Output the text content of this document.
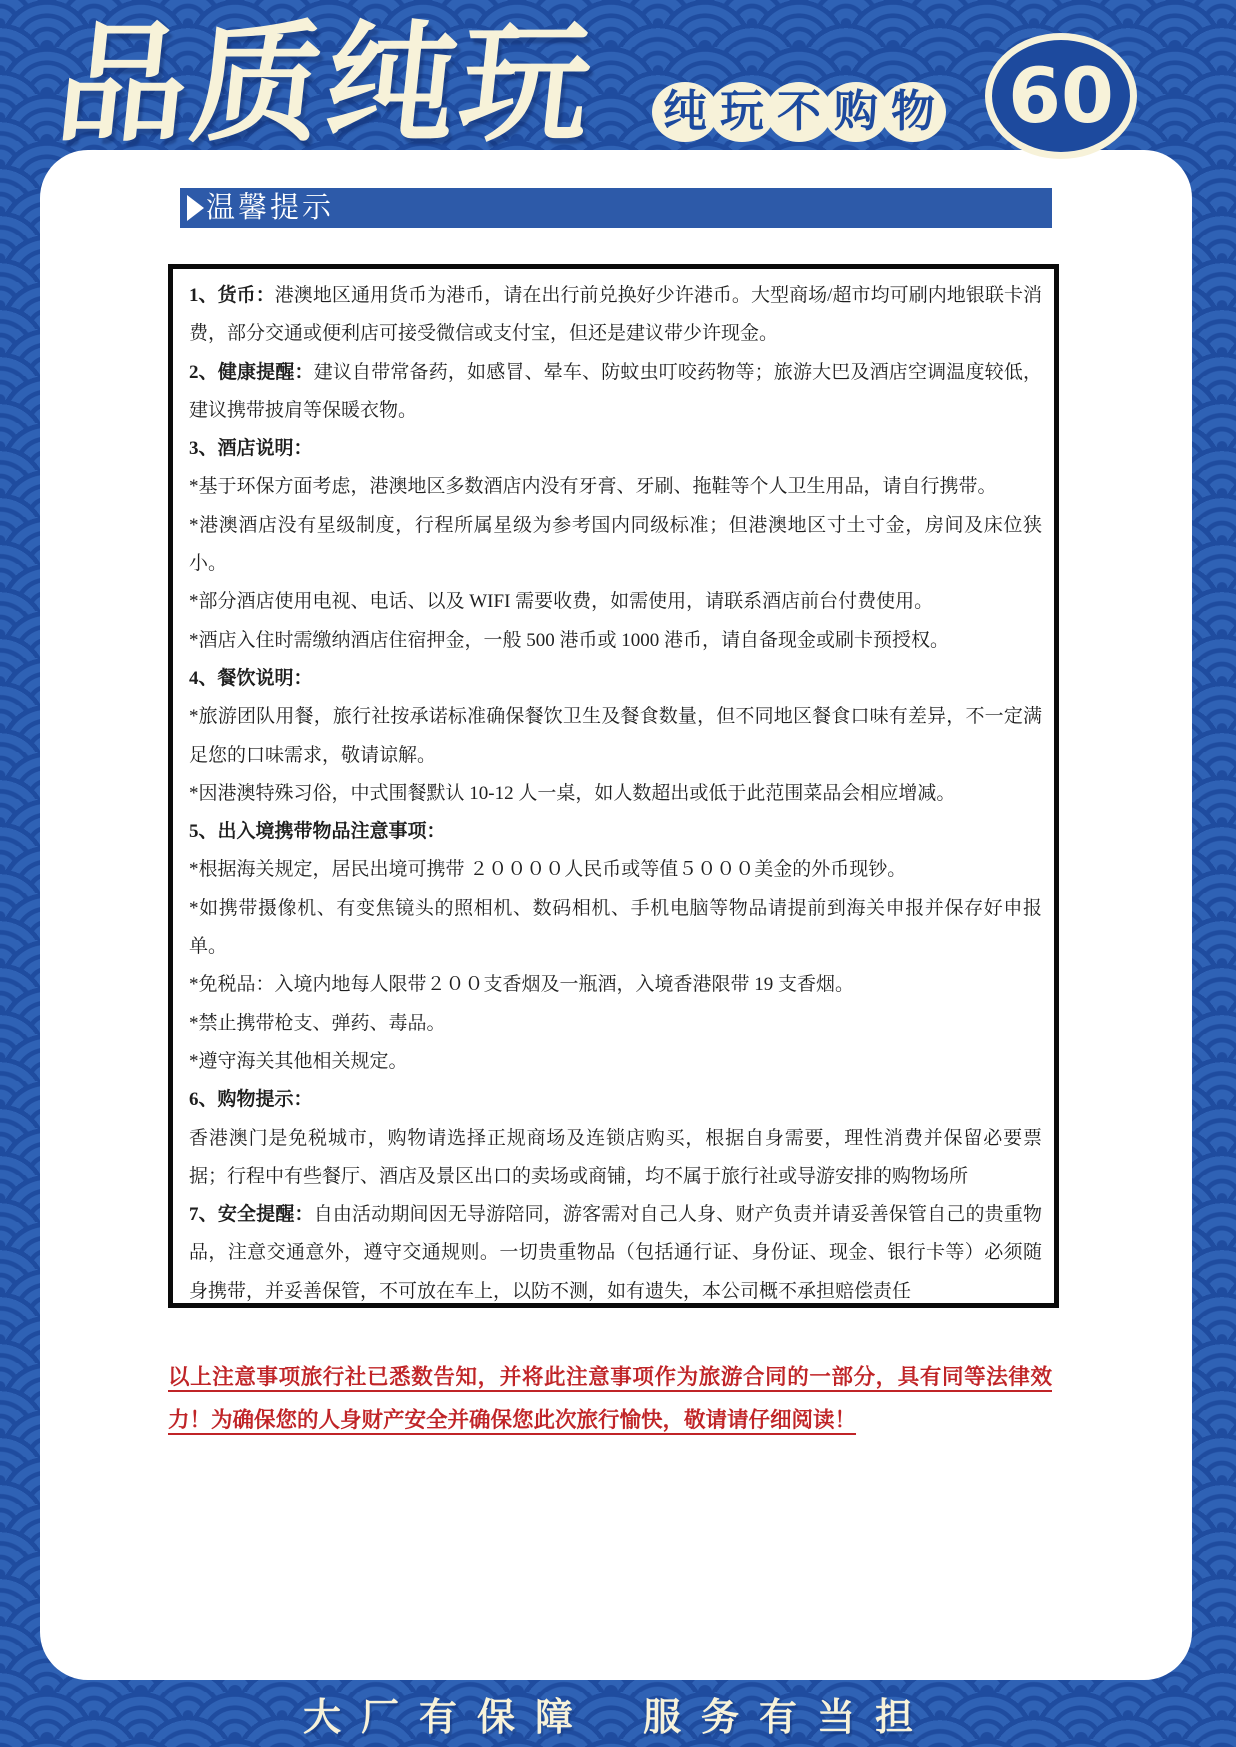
品质纯玩 纯 玩 不 购 物 60
温馨提示

1、货币：港澳地区通用货币为港币，请在出行前兑换好少许港币。大型商场/超市均可刷内地银联卡消费，部分交通或便利店可接受微信或支付宝，但还是建议带少许现金。

2、健康提醒：建议自带常备药，如感冒、晕车、防蚊虫叮咬药物等；旅游大巴及酒店空调温度较低，建议携带披肩等保暖衣物。

3、酒店说明：

*基于环保方面考虑，港澳地区多数酒店内没有牙膏、牙刷、拖鞋等个人卫生用品，请自行携带。

*港澳酒店没有星级制度，行程所属星级为参考国内同级标准；但港澳地区寸土寸金，房间及床位狭小。

*部分酒店使用电视、电话、以及 WIFI 需要收费，如需使用，请联系酒店前台付费使用。

*酒店入住时需缴纳酒店住宿押金，一般 500 港币或 1000 港币，请自备现金或刷卡预授权。

4、餐饮说明：

*旅游团队用餐，旅行社按承诺标准确保餐饮卫生及餐食数量，但不同地区餐食口味有差异，不一定满足您的口味需求，敬请谅解。

*因港澳特殊习俗，中式围餐默认 10-12 人一桌，如人数超出或低于此范围菜品会相应增减。

5、出入境携带物品注意事项：

*根据海关规定，居民出境可携带 ２００００人民币或等值５０００美金的外币现钞。

*如携带摄像机、有变焦镜头的照相机、数码相机、手机电脑等物品请提前到海关申报并保存好申报单。

*免税品：入境内地每人限带２００支香烟及一瓶酒，入境香港限带 19 支香烟。

*禁止携带枪支、弹药、毒品。

*遵守海关其他相关规定。

6、购物提示：

香港澳门是免税城市，购物请选择正规商场及连锁店购买，根据自身需要，理性消费并保留必要票据；行程中有些餐厅、酒店及景区出口的卖场或商铺，均不属于旅行社或导游安排的购物场所

7、安全提醒：自由活动期间因无导游陪同，游客需对自己人身、财产负责并请妥善保管自己的贵重物品，注意交通意外，遵守交通规则。一切贵重物品（包括通行证、身份证、现金、银行卡等）必须随身携带，并妥善保管，不可放在车上，以防不测，如有遗失，本公司概不承担赔偿责任

以上注意事项旅行社已悉数告知，并将此注意事项作为旅游合同的一部分，具有同等法律效力！为确保您的人身财产安全并确保您此次旅行愉快，敬请请仔细阅读！
大厂有保障 服务有当担
